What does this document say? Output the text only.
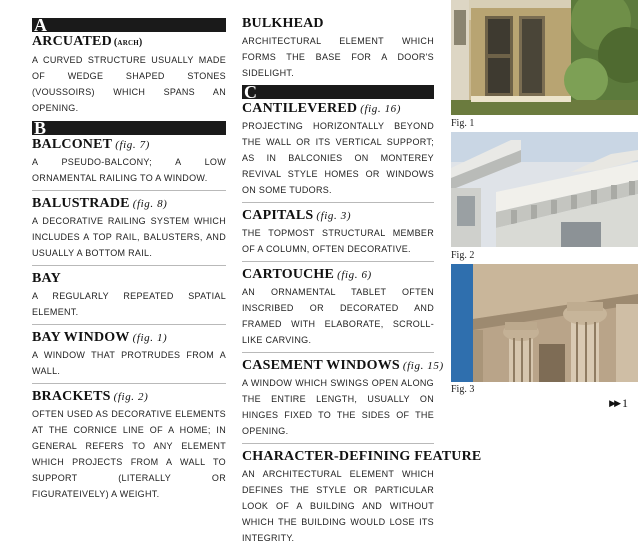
A
ARCUATED (arch)
A CURVED STRUCTURE USUALLY MADE OF WEDGE SHAPED STONES (VOUSSOIRS) WHICH SPANS AN OPENING.
B
BALCONET (fig. 7)
A PSEUDO-BALCONY; A LOW ORNAMENTAL RAILING TO A WINDOW.
BALUSTRADE (fig. 8)
A DECORATIVE RAILING SYSTEM WHICH INCLUDES A TOP RAIL, BALUSTERS, AND USUALLY A BOTTOM RAIL.
BAY
A REGULARLY REPEATED SPATIAL ELEMENT.
BAY WINDOW (fig. 1)
A WINDOW THAT PROTRUDES FROM A WALL.
BRACKETS (fig. 2)
OFTEN USED AS DECORATIVE ELEMENTS AT THE CORNICE LINE OF A HOME; IN GENERAL REFERS TO ANY ELEMENT WHICH PROJECTS FROM A WALL TO SUPPORT (LITERALLY OR FIGURATEIVELY) A WEIGHT.
BULKHEAD
ARCHITECTURAL ELEMENT WHICH FORMS THE BASE FOR A DOOR'S SIDELIGHT.
C
CANTILEVERED (fig. 16)
PROJECTING HORIZONTALLY BEYOND THE WALL OR ITS VERTICAL SUPPORT; AS IN BALCONIES ON MONTEREY REVIVAL STYLE HOMES OR WINDOWS ON SOME TUDORS.
CAPITALS (fig. 3)
THE TOPMOST STRUCTURAL MEMBER OF A COLUMN, OFTEN DECORATIVE.
CARTOUCHE (fig. 6)
AN ORNAMENTAL TABLET OFTEN INSCRIBED OR DECORATED AND FRAMED WITH ELABORATE, SCROLL-LIKE CARVING.
CASEMENT WINDOWS (fig. 15)
A WINDOW WHICH SWINGS OPEN ALONG THE ENTIRE LENGTH, USUALLY ON HINGES FIXED TO THE SIDES OF THE OPENING.
CHARACTER-DEFINING FEATURE
AN ARCHITECTURAL ELEMENT WHICH DEFINES THE STYLE OR PARTICULAR LOOK OF A BUILDING AND WITHOUT WHICH THE BUILDING WOULD LOSE ITS INTEGRITY.
Fig. 1
Fig. 2
Fig. 3
▶▶ 1
